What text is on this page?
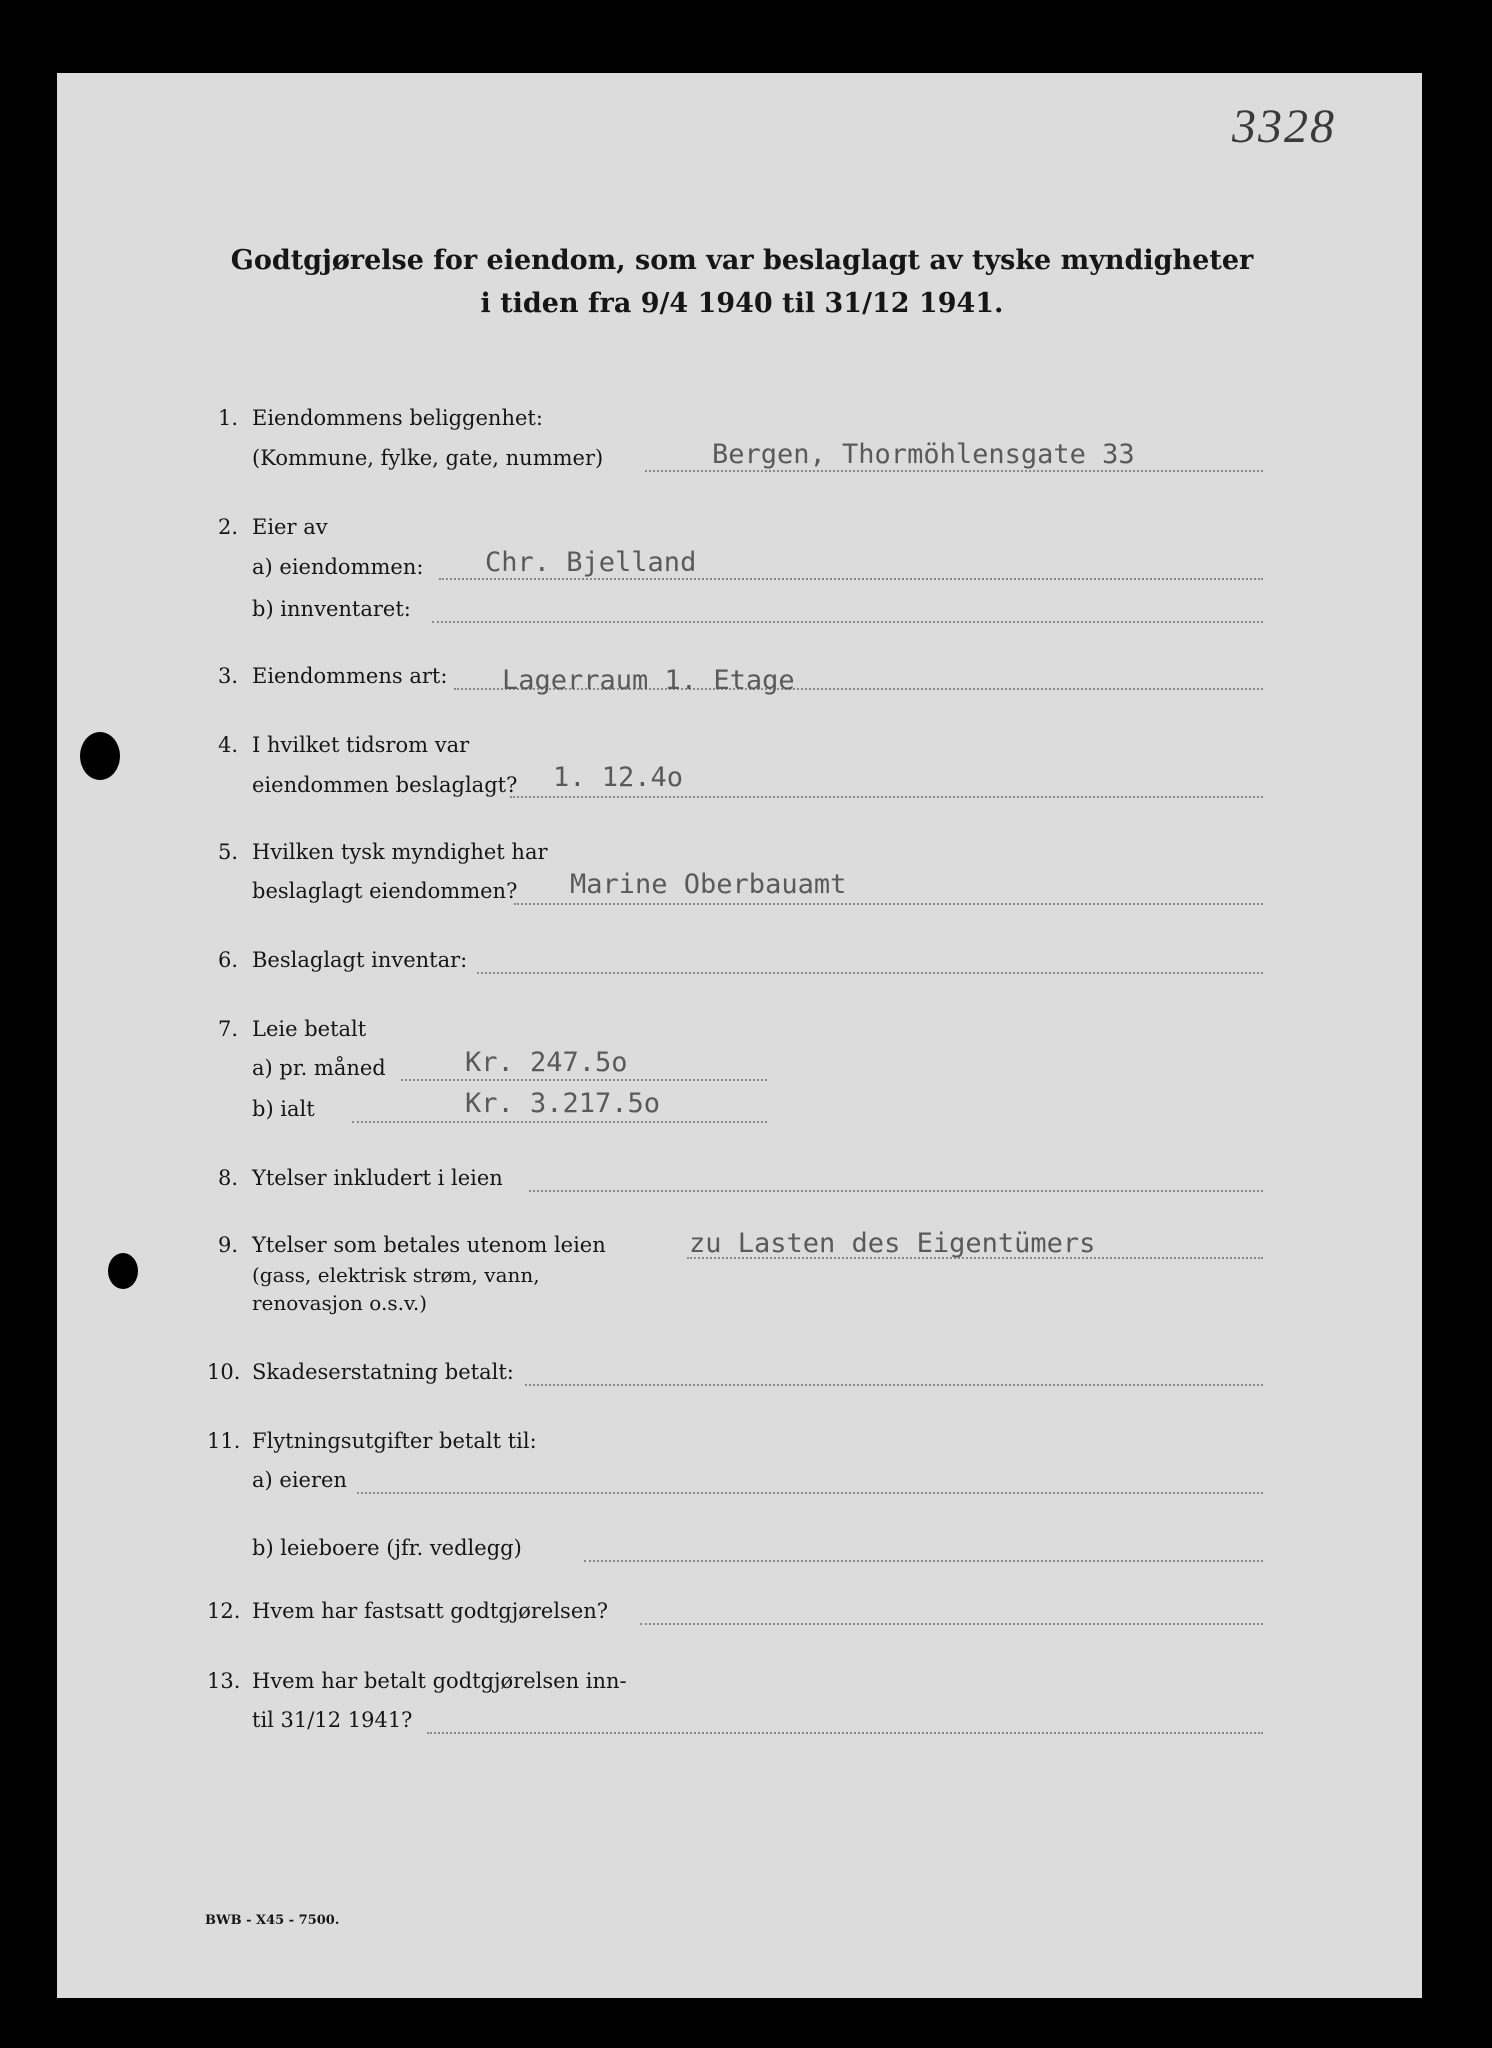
3328
Godtgjørelse for eiendom, som var beslaglagt av tyske myndigheter
i tiden fra 9/4 1940 til 31/12 1941.
1. Eiendommens beliggenhet:
(Kommune, fylke, gate, nummer)	Bergen, Thormöhlensgate 33
2. Eier av
a) eiendommen: Chr. Bjelland
b) innventaret:
3. Eiendommens art: Lagerraum 1. Etage
4. I hvilket tidsrom var
eiendommen beslaglagt? 1. 12.4o
5. Hvilken tysk myndighet har
beslaglagt eiendommen? Marine Oberbauamt
6. Beslaglagt inventar:
7. Leie betalt
a) pr. måned	Kr. 247.5o
b) ialt	Kr. 3.217.5o
8. Ytelser inkludert i leien
9. Ytelser som betales utenom leien
(gass, elektrisk strøm, vann,
renovasjon o.s.v.)
zu Lasten des Eigentümers
10. Skadeserstatning betalt:
11. Flytningsutgifter betalt til:
a) eieren
b) leieboere (jfr. vedlegg)
12. Hvem har fastsatt godtgjørelsen?
13. Hvem har betalt godtgjørelsen inn-
til 31/12 1941?
BWB - X45 - 7500.
